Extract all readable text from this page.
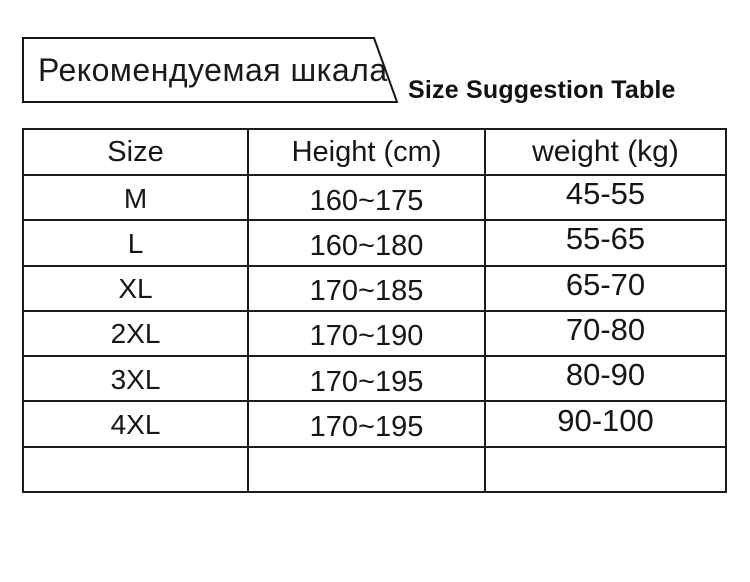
Рекомендуемая шкала
Size Suggestion Table
Size	Height (cm)	weight (kg)
M	160~175	45-55
L	160~180	55-65
XL	170~185	65-70
2XL	170~190	70-80
3XL	170~195	80-90
4XL	170~195	90-100
